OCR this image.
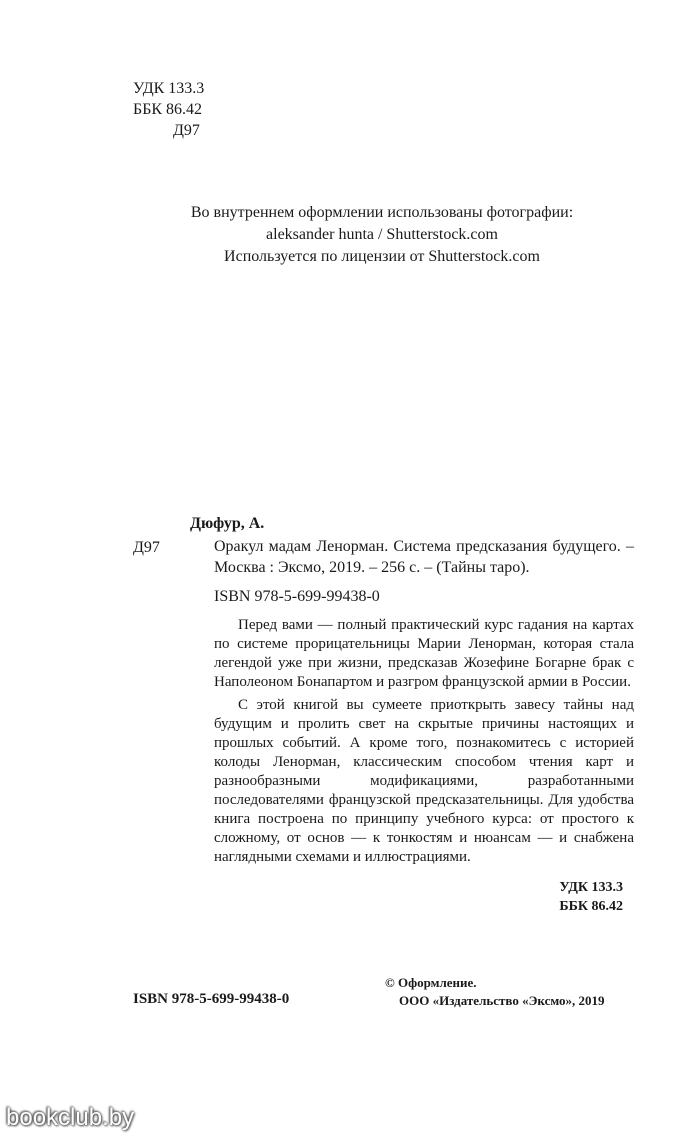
УДК 133.3
ББК 86.42
Д97
Во внутреннем оформлении использованы фотографии:
aleksander hunta / Shutterstock.com
Используется по лицензии от Shutterstock.com
Дюфур, А.
Д97	Оракул мадам Ленорман. Система предсказания будущего. – Москва : Эксмо, 2019. – 256 с. – (Тайны таро).
ISBN 978-5-699-99438-0

Перед вами — полный практический курс гадания на картах по системе прорицательницы Марии Ленорман, которая стала легендой уже при жизни, предсказав Жозефине Богарне брак с Наполеоном Бонапартом и разгром французской армии в России.

С этой книгой вы сумеете приоткрыть завесу тайны над будущим и пролить свет на скрытые причины настоящих и прошлых событий. А кроме того, познакомитесь с историей колоды Ленорман, классическим способом чтения карт и разнообразными модификациями, разработанными последователями французской предсказательницы. Для удобства книга построена по принципу учебного курса: от простого к сложному, от основ — к тонкостям и нюансам — и снабжена наглядными схемами и иллюстрациями.

УДК 133.3
ББК 86.42
ISBN 978-5-699-99438-0
© Оформление.
ООО «Издательство «Эксмо», 2019
bookclub.by
